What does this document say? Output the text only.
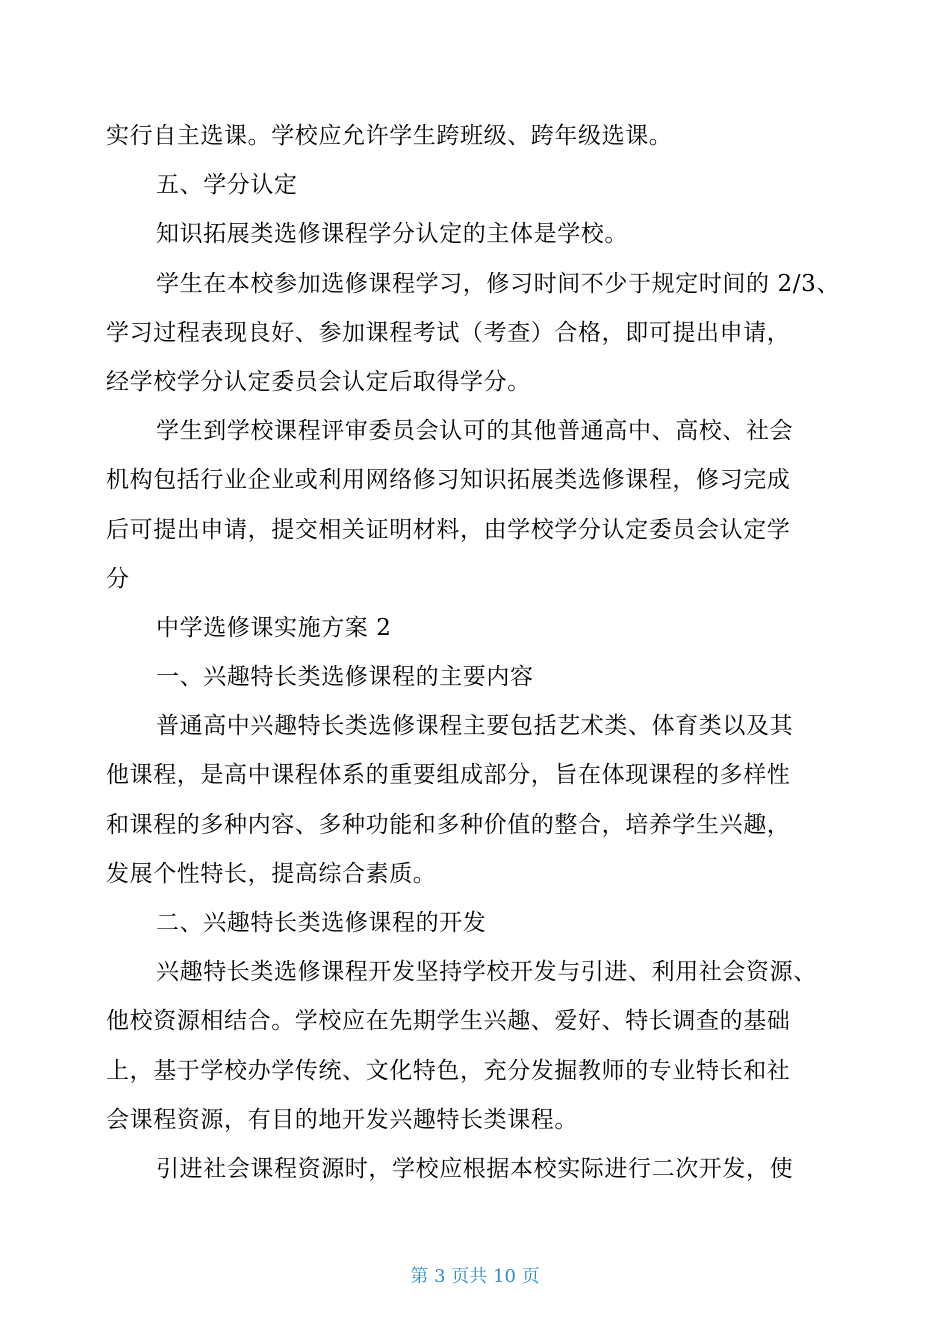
实行自主选课。学校应允许学生跨班级、跨年级选课。
五、学分认定
知识拓展类选修课程学分认定的主体是学校。
学生在本校参加选修课程学习，修习时间不少于规定时间的 2/3、
学习过程表现良好、参加课程考试（考查）合格，即可提出申请，
经学校学分认定委员会认定后取得学分。
学生到学校课程评审委员会认可的其他普通高中、高校、社会
机构包括行业企业或利用网络修习知识拓展类选修课程，修习完成
后可提出申请，提交相关证明材料，由学校学分认定委员会认定学
分
中学选修课实施方案 2
一、兴趣特长类选修课程的主要内容
普通高中兴趣特长类选修课程主要包括艺术类、体育类以及其
他课程，是高中课程体系的重要组成部分，旨在体现课程的多样性
和课程的多种内容、多种功能和多种价值的整合，培养学生兴趣，
发展个性特长，提高综合素质。
二、兴趣特长类选修课程的开发
兴趣特长类选修课程开发坚持学校开发与引进、利用社会资源、
他校资源相结合。学校应在先期学生兴趣、爱好、特长调查的基础
上，基于学校办学传统、文化特色，充分发掘教师的专业特长和社
会课程资源，有目的地开发兴趣特长类课程。
引进社会课程资源时，学校应根据本校实际进行二次开发，使
第 3 页共 10 页
